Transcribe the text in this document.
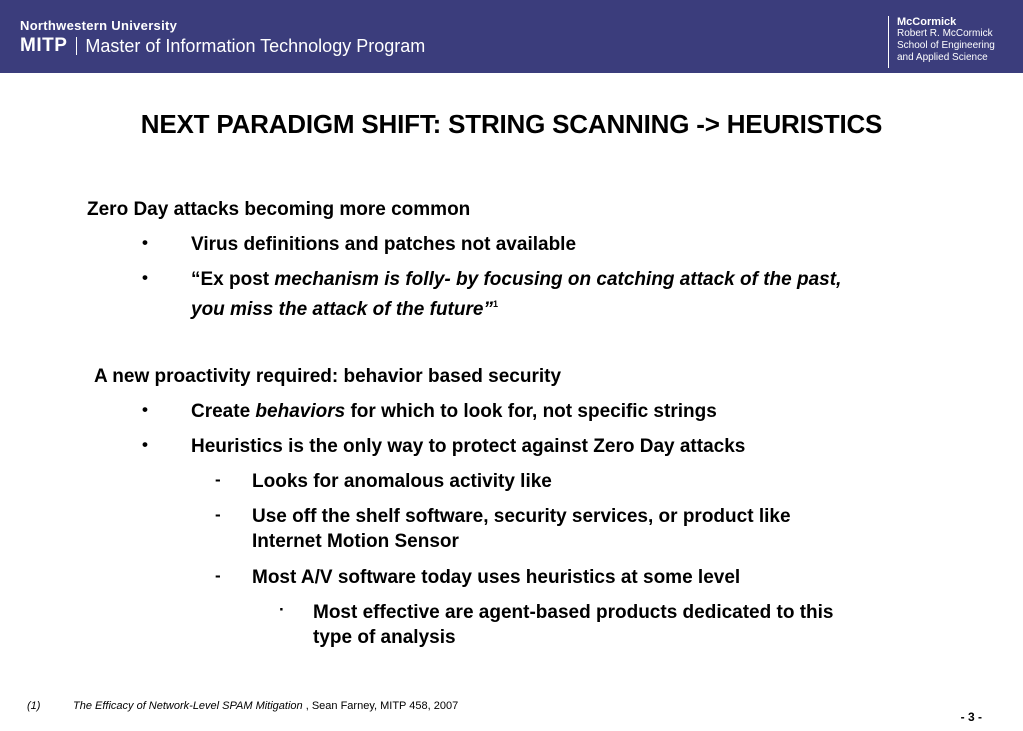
Northwestern University
MITP Master of Information Technology Program
McCormick
Robert R. McCormick
School of Engineering
and Applied Science
NEXT PARADIGM SHIFT: STRING SCANNING -> HEURISTICS
Zero Day attacks becoming more common
• Virus definitions and patches not available
• “Ex post mechanism is folly- by focusing on catching attack of the past,
you miss the attack of the future”$^1$
A new proactivity required: behavior based security
• Create behaviors for which to look for, not specific strings
• Heuristics is the only way to protect against Zero Day attacks
- Looks for anomalous activity like
- Use off the shelf software, security services, or product like
Internet Motion Sensor
- Most A/V software today uses heuristics at some level
· Most effective are agent-based products dedicated to this
type of analysis
(1)	The Efficacy of Network-Level SPAM Mitigation , Sean Farney, MITP 458, 2007
- 3 -
